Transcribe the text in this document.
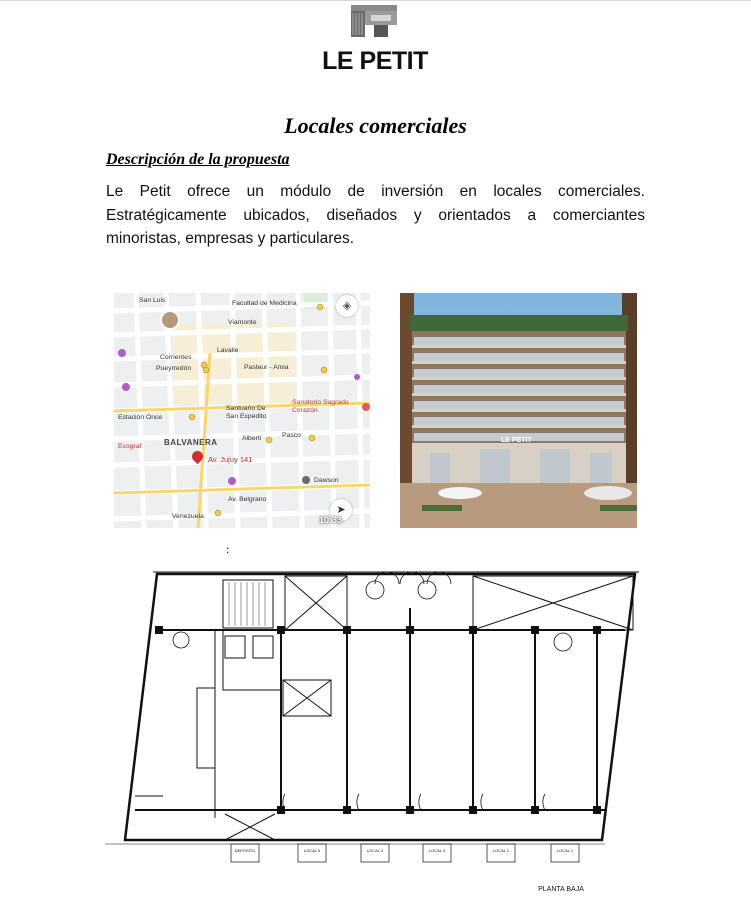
LE PETIT
Locales comerciales
Descripción de la propuesta
Le Petit ofrece un módulo de inversión en locales comerciales. Estratégicamente ubicados, diseñados y orientados a comerciantes minoristas, empresas y particulares.
San Luis	Facultad de Medicina
Viamonte
Lavalle
Corrientes
Pueyrredón	Pasteur - Amia
Estación Once
Santuario De San Expedito
Sanatorio Sagrado Corazón
BALVANERA	Alberti	Pasco
Ecograf
Av. Jujuy 141
Dawson
Av. Belgrano
Venezuela
◈
➤
10:33
LE PETIT
:
DEPOSITO	LOCAL 5	LOCAL 4	LOCAL 3	LOCAL 2	LOCAL 1
PLANTA BAJA
